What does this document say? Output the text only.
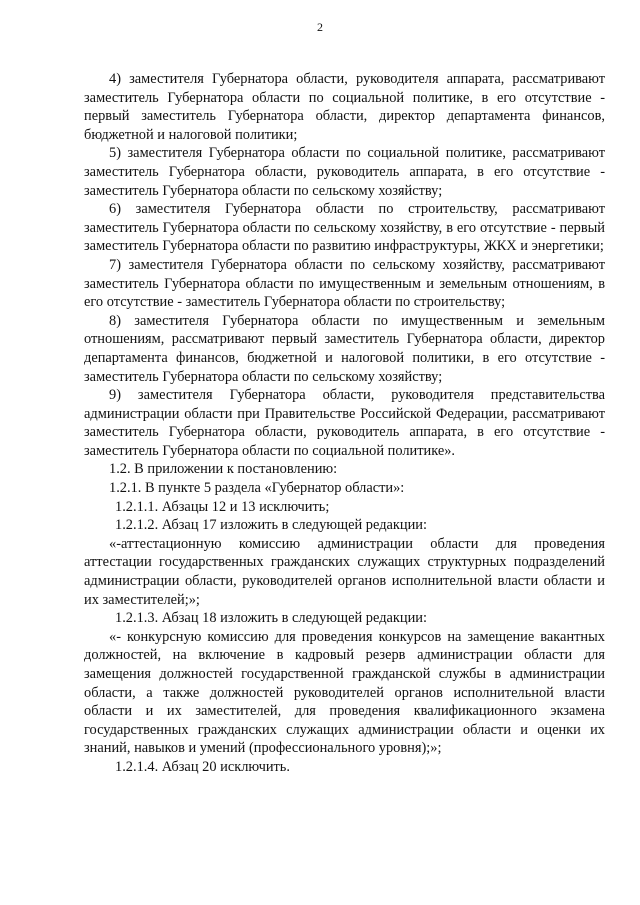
2

4) заместителя Губернатора области, руководителя аппарата, рассматривают заместитель Губернатора области по социальной политике, в его отсутствие - первый заместитель Губернатора области, директор департамента финансов, бюджетной и налоговой политики;

5) заместителя Губернатора области по социальной политике, рассматривают заместитель Губернатора области, руководитель аппарата, в его отсутствие - заместитель Губернатора области по сельскому хозяйству;

6) заместителя Губернатора области по строительству, рассматривают заместитель Губернатора области по сельскому хозяйству, в его отсутствие - первый заместитель Губернатора области по развитию инфраструктуры, ЖКХ и энергетики;

7) заместителя Губернатора области по сельскому хозяйству, рассматривают заместитель Губернатора области по имущественным и земельным отношениям, в его отсутствие - заместитель Губернатора области по строительству;

8) заместителя Губернатора области по имущественным и земельным отношениям, рассматривают первый заместитель Губернатора области, директор департамента финансов, бюджетной и налоговой политики, в его отсутствие - заместитель Губернатора области по сельскому хозяйству;

9) заместителя Губернатора области, руководителя представительства администрации области при Правительстве Российской Федерации, рассматривают заместитель Губернатора области, руководитель аппарата, в его отсутствие - заместитель Губернатора области по социальной политике».

1.2. В приложении к постановлению:

1.2.1. В пункте 5 раздела «Губернатор области»:

1.2.1.1. Абзацы 12 и 13 исключить;

1.2.1.2. Абзац 17 изложить в следующей редакции:

«-аттестационную комиссию администрации области для проведения аттестации государственных гражданских служащих структурных подразделений администрации области, руководителей органов исполнительной власти области и их заместителей;»;

1.2.1.3. Абзац 18 изложить в следующей редакции:

«- конкурсную комиссию для проведения конкурсов на замещение вакантных должностей, на включение в кадровый резерв администрации области для замещения должностей государственной гражданской службы в администрации области, а также должностей руководителей органов исполнительной власти области и их заместителей, для проведения квалификационного экзамена государственных гражданских служащих администрации области и оценки их знаний, навыков и умений (профессионального уровня);»;

1.2.1.4. Абзац 20 исключить.
